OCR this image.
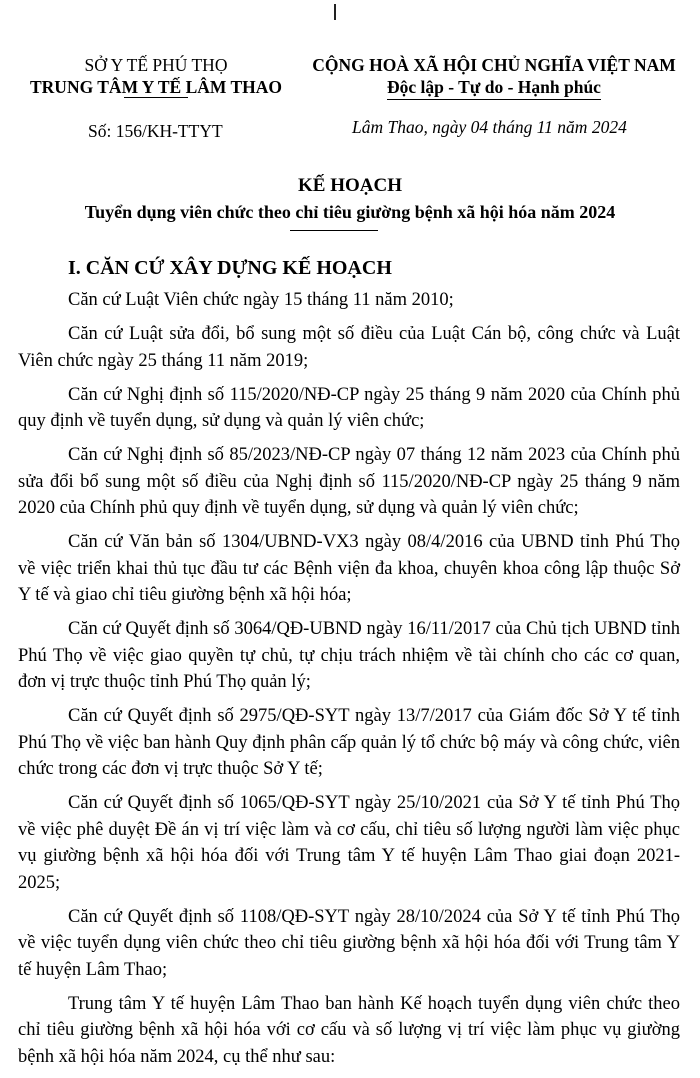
SỞ Y TẾ PHÚ THỌ
TRUNG TÂM Y TẾ LÂM THAO
CỘNG HOÀ XÃ HỘI CHỦ NGHĨA VIỆT NAM
Độc lập - Tự do - Hạnh phúc
Số: 156/KH-TTYT	Lâm Thao, ngày 04 tháng 11 năm 2024
KẾ HOẠCH
Tuyển dụng viên chức theo chỉ tiêu giường bệnh xã hội hóa năm 2024
I. CĂN CỨ XÂY DỰNG KẾ HOẠCH

Căn cứ Luật Viên chức ngày 15 tháng 11 năm 2010;

Căn cứ Luật sửa đổi, bổ sung một số điều của Luật Cán bộ, công chức và Luật Viên chức ngày 25 tháng 11 năm 2019;

Căn cứ Nghị định số 115/2020/NĐ-CP ngày 25 tháng 9 năm 2020 của Chính phủ quy định về tuyển dụng, sử dụng và quản lý viên chức;

Căn cứ Nghị định số 85/2023/NĐ-CP ngày 07 tháng 12 năm 2023 của Chính phủ sửa đổi bổ sung một số điều của Nghị định số 115/2020/NĐ-CP ngày 25 tháng 9 năm 2020 của Chính phủ quy định về tuyển dụng, sử dụng và quản lý viên chức;

Căn cứ Văn bản số 1304/UBND-VX3 ngày 08/4/2016 của UBND tỉnh Phú Thọ về việc triển khai thủ tục đầu tư các Bệnh viện đa khoa, chuyên khoa công lập thuộc Sở Y tế và giao chỉ tiêu giường bệnh xã hội hóa;

Căn cứ Quyết định số 3064/QĐ-UBND ngày 16/11/2017 của Chủ tịch UBND tỉnh Phú Thọ về việc giao quyền tự chủ, tự chịu trách nhiệm về tài chính cho các cơ quan, đơn vị trực thuộc tỉnh Phú Thọ quản lý;

Căn cứ Quyết định số 2975/QĐ-SYT ngày 13/7/2017 của Giám đốc Sở Y tế tỉnh Phú Thọ về việc ban hành Quy định phân cấp quản lý tổ chức bộ máy và công chức, viên chức trong các đơn vị trực thuộc Sở Y tế;

Căn cứ Quyết định số 1065/QĐ-SYT ngày 25/10/2021 của Sở Y tế tỉnh Phú Thọ về việc phê duyệt Đề án vị trí việc làm và cơ cấu, chỉ tiêu số lượng người làm việc phục vụ giường bệnh xã hội hóa đối với Trung tâm Y tế huyện Lâm Thao giai đoạn 2021-2025;

Căn cứ Quyết định số 1108/QĐ-SYT ngày 28/10/2024 của Sở Y tế tỉnh Phú Thọ về việc tuyển dụng viên chức theo chỉ tiêu giường bệnh xã hội hóa đối với Trung tâm Y tế huyện Lâm Thao;

Trung tâm Y tế huyện Lâm Thao ban hành Kế hoạch tuyển dụng viên chức theo chỉ tiêu giường bệnh xã hội hóa với cơ cấu và số lượng vị trí việc làm phục vụ giường bệnh xã hội hóa năm 2024, cụ thể như sau:
